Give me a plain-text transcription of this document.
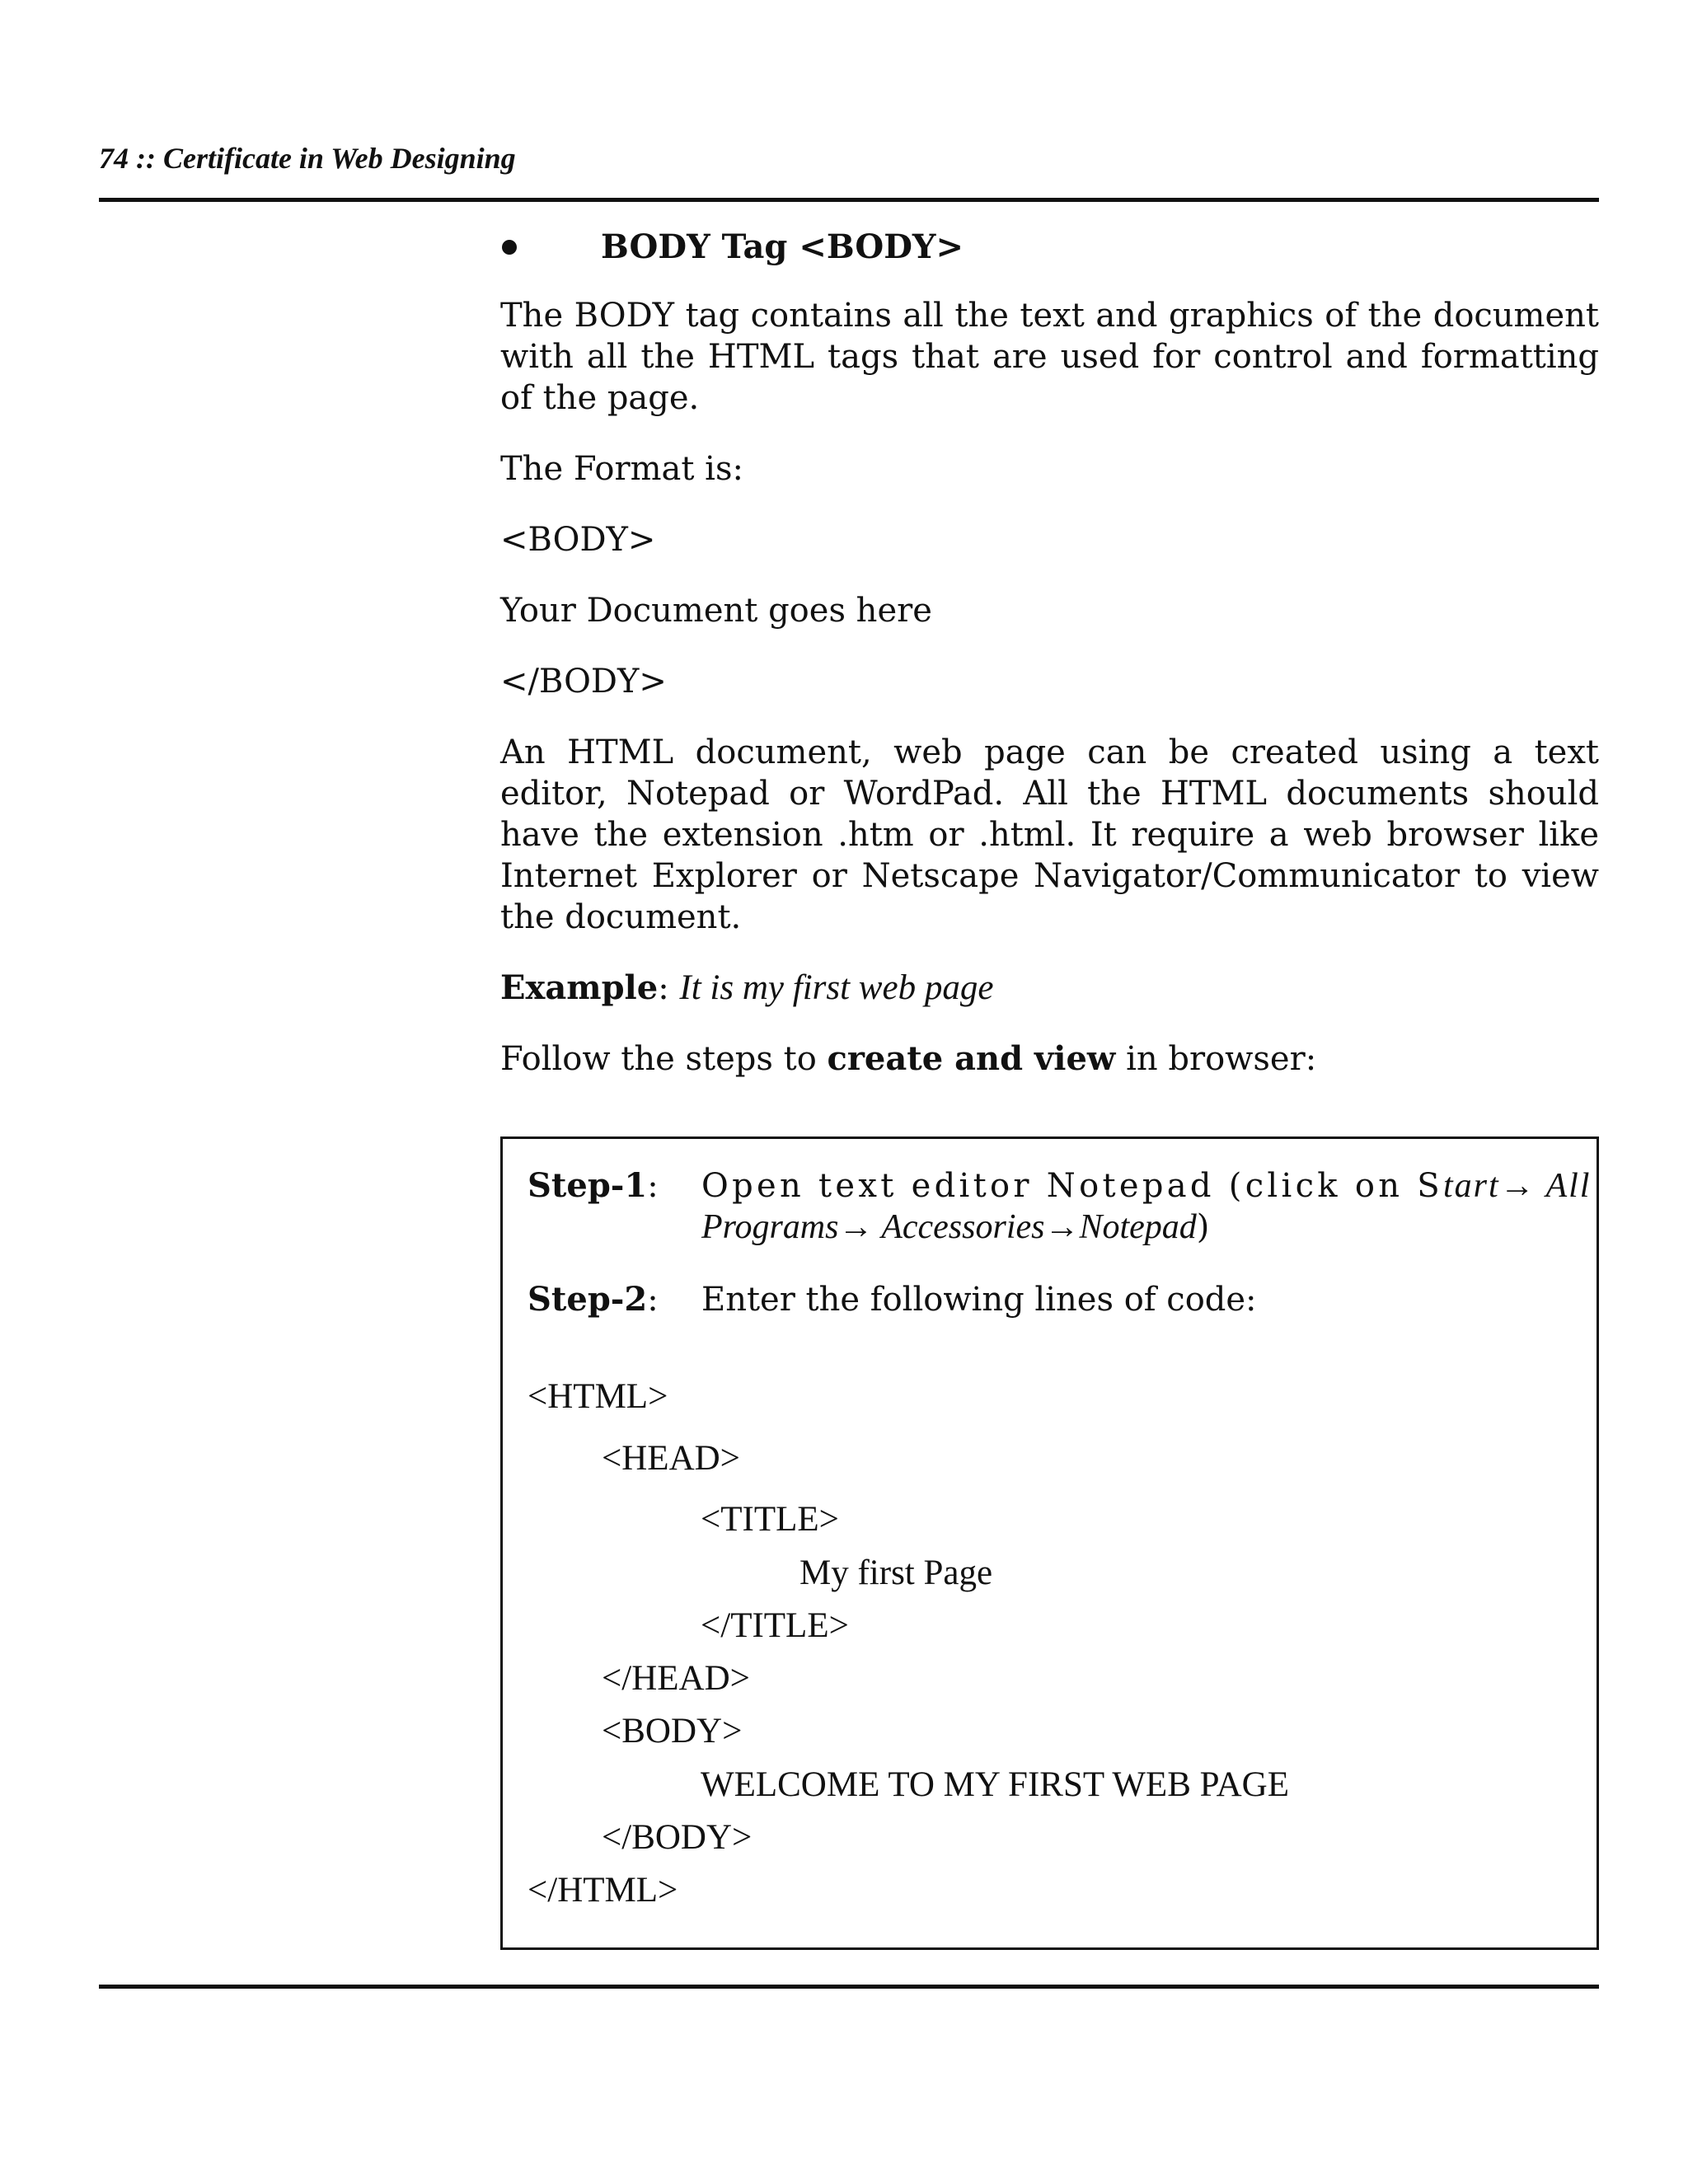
74 :: Certificate in Web Designing
BODY Tag <BODY>

The BODY tag contains all the text and graphics of the document with all the HTML tags that are used for control and formatting of the page.

The Format is:

<BODY>

Your Document goes here

</BODY>

An HTML document, web page can be created using a text editor, Notepad or WordPad. All the HTML documents should have the extension .htm or .html. It require a web browser like Internet Explorer or Netscape Navigator/Communicator to view the document.

Example: It is my first web page

Follow the steps to create and view in browser:

Step-1:	Open text editor Notepad (click on Start→ All
Programs→ Accessories→Notepad)
Step-2:	Enter the following lines of code:
<HTML>
<HEAD>
<TITLE>
My first Page
</TITLE>
</HEAD>
<BODY>
WELCOME TO MY FIRST WEB PAGE
</BODY>
</HTML>
